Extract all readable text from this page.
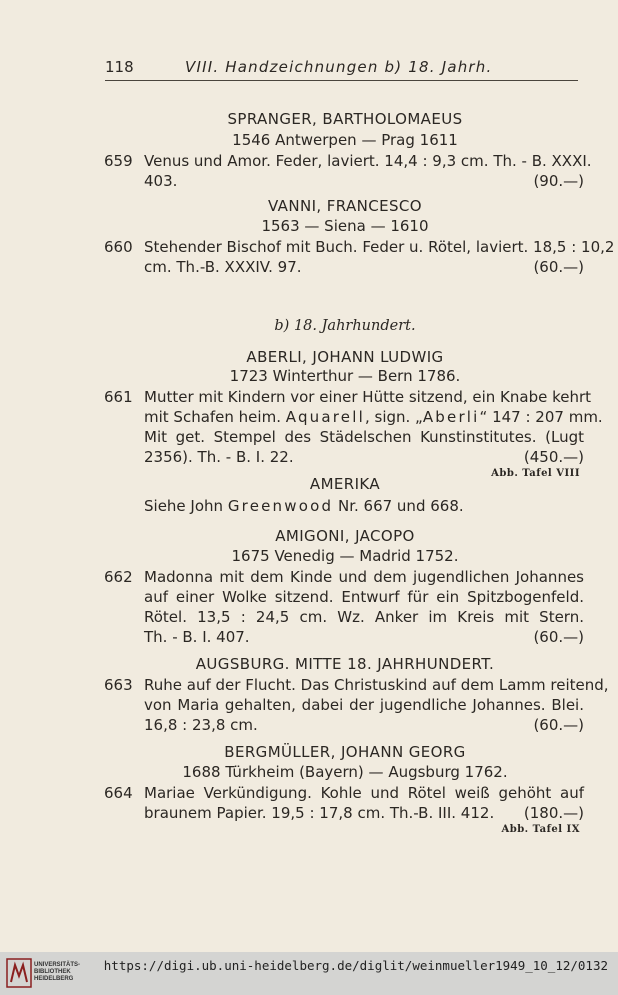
118	VIII. Handzeichnungen b) 18. Jahrh.
SPRANGER, BARTHOLOMAEUS
1546 Antwerpen — Prag 1611
659 Venus und Amor. Feder, laviert. 14,4 : 9,3 cm. Th. - B. XXXI.
403.	(90.—)
VANNI, FRANCESCO
1563 — Siena — 1610
660 Stehender Bischof mit Buch. Feder u. Rötel, laviert. 18,5 : 10,2
cm. Th.-B. XXXIV. 97.	(60.—)
b) 18. Jahrhundert.
ABERLI, JOHANN LUDWIG
1723 Winterthur — Bern 1786.
661 Mutter mit Kindern vor einer Hütte sitzend, ein Knabe kehrt
mit Schafen heim. Aquarell, sign. „Aberli“ 147 : 207 mm.
Mit get. Stempel des Städelschen Kunstinstitutes. (Lugt
2356). Th. - B. I. 22.	(450.—)
Abb. Tafel VIII
AMERIKA
Siehe John Greenwood Nr. 667 und 668.
AMIGONI, JACOPO
1675 Venedig — Madrid 1752.
662 Madonna mit dem Kinde und dem jugendlichen Johannes
auf einer Wolke sitzend. Entwurf für ein Spitzbogenfeld.
Rötel. 13,5 : 24,5 cm. Wz. Anker im Kreis mit Stern.
Th. - B. I. 407.	(60.—)
AUGSBURG. MITTE 18. JAHRHUNDERT.
663 Ruhe auf der Flucht. Das Christuskind auf dem Lamm reitend,
von Maria gehalten, dabei der jugendliche Johannes. Blei.
16,8 : 23,8 cm.	(60.—)
BERGMÜLLER, JOHANN GEORG
1688 Türkheim (Bayern) — Augsburg 1762.
664 Mariae Verkündigung. Kohle und Rötel weiß gehöht auf
braunem Papier. 19,5 : 17,8 cm. Th.-B. III. 412.	(180.—)
Abb. Tafel IX
UNIVERSITÄTS-
BIBLIOTHEK
HEIDELBERG
https://digi.ub.uni-heidelberg.de/diglit/weinmueller1949_10_12/0132
